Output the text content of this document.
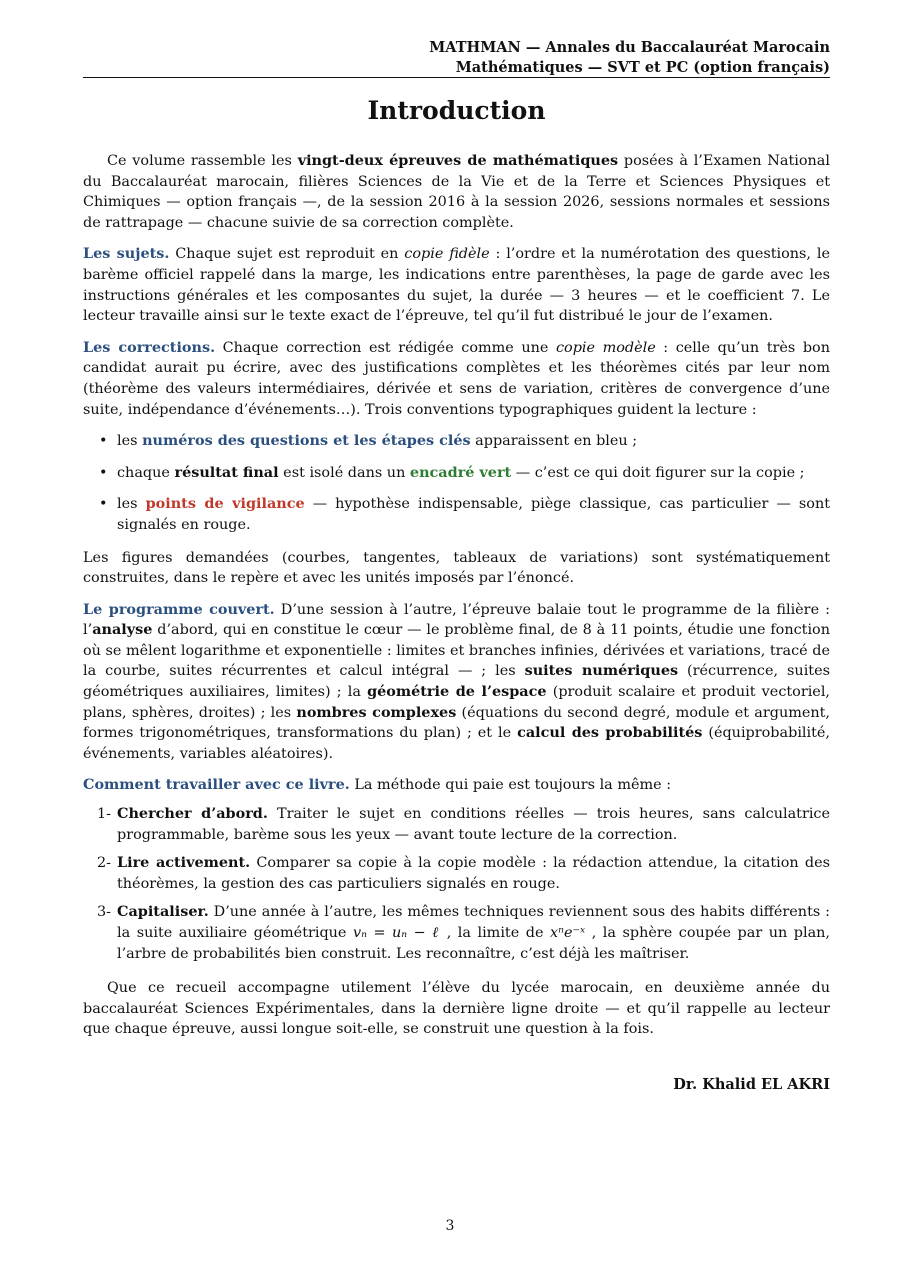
MATHMAN — Annales du Baccalauréat Marocain
Mathématiques — SVT et PC (option français)
Introduction

Ce volume rassemble les vingt-deux épreuves de mathématiques posées à l’Examen National du Baccalauréat marocain, filières Sciences de la Vie et de la Terre et Sciences Physiques et Chimiques — option français —, de la session 2016 à la session 2026, sessions normales et sessions de rattrapage — chacune suivie de sa correction complète.

Les sujets. Chaque sujet est reproduit en copie fidèle : l’ordre et la numérotation des questions, le barème officiel rappelé dans la marge, les indications entre parenthèses, la page de garde avec les instructions générales et les composantes du sujet, la durée — 3 heures — et le coefficient 7. Le lecteur travaille ainsi sur le texte exact de l’épreuve, tel qu’il fut distribué le jour de l’examen.

Les corrections. Chaque correction est rédigée comme une copie modèle : celle qu’un très bon candidat aurait pu écrire, avec des justifications complètes et les théorèmes cités par leur nom (théorème des valeurs intermédiaires, dérivée et sens de variation, critères de convergence d’une suite, indépendance d’événements…). Trois conventions typographiques guident la lecture :

• les numéros des questions et les étapes clés apparaissent en bleu ;
• chaque résultat final est isolé dans un encadré vert — c’est ce qui doit figurer sur la copie ;
• les points de vigilance — hypothèse indispensable, piège classique, cas particulier — sont signalés en rouge.

Les figures demandées (courbes, tangentes, tableaux de variations) sont systématiquement construites, dans le repère et avec les unités imposés par l’énoncé.

Le programme couvert. D’une session à l’autre, l’épreuve balaie tout le programme de la filière : l’analyse d’abord, qui en constitue le cœur — le problème final, de 8 à 11 points, étudie une fonction où se mêlent logarithme et exponentielle : limites et branches infinies, dérivées et variations, tracé de la courbe, suites récurrentes et calcul intégral — ; les suites numériques (récurrence, suites géométriques auxiliaires, limites) ; la géométrie de l’espace (produit scalaire et produit vectoriel, plans, sphères, droites) ; les nombres complexes (équations du second degré, module et argument, formes trigonométriques, transformations du plan) ; et le calcul des probabilités (équiprobabilité, événements, variables aléatoires).

Comment travailler avec ce livre. La méthode qui paie est toujours la même :

1- Chercher d’abord. Traiter le sujet en conditions réelles — trois heures, sans calculatrice programmable, barème sous les yeux — avant toute lecture de la correction.
2- Lire activement. Comparer sa copie à la copie modèle : la rédaction attendue, la citation des théorèmes, la gestion des cas particuliers signalés en rouge.
3- Capitaliser. D’une année à l’autre, les mêmes techniques reviennent sous des habits différents : la suite auxiliaire géométrique vₙ = uₙ − ℓ , la limite de xⁿe⁻ˣ , la sphère coupée par un plan, l’arbre de probabilités bien construit. Les reconnaître, c’est déjà les maîtriser.

Que ce recueil accompagne utilement l’élève du lycée marocain, en deuxième année du baccalauréat Sciences Expérimentales, dans la dernière ligne droite — et qu’il rappelle au lecteur que chaque épreuve, aussi longue soit-elle, se construit une question à la fois.

Dr. Khalid EL AKRI
3
